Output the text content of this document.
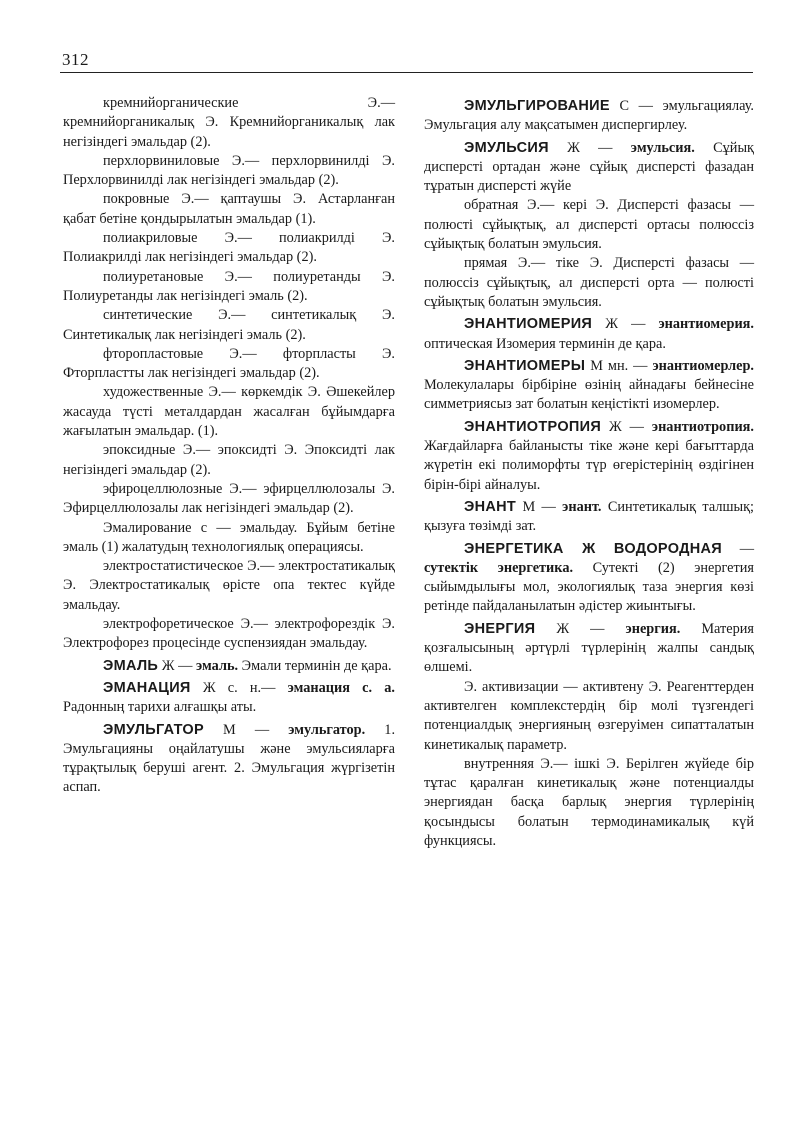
312

кремнийорганические Э.— кремнийорганикалық Э. Кремнийорганикалық лак негізіндегі эмальдар (2).

перхлорвиниловые Э.— перхлорвинилді Э. Перхлорвинилді лак негізіндегі эмальдар (2).

покровные Э.— қаптаушы Э. Астарланған қабат бетіне қондырылатын эмальдар (1).

полиакриловые Э.— полиакрилді Э. Полиакрилді лак негізіндегі эмальдар (2).

полиуретановые Э.— полиуретанды Э. Полиуретанды лак негізіндегі эмаль (2).

синтетические Э.— синтетикалық Э. Синтетикалық лак негізіндегі эмаль (2).

фторопластовые Э.— фторпласты Э. Фторпластты лак негізіндегі эмальдар (2).

художественные Э.— көркемдік Э. Әшекейлер жасауда түсті металдардан жасалған бұйымдарға жағылатын эмальдар. (1).

эпоксидные Э.— эпоксидті Э. Эпоксидті лак негізіндегі эмальдар (2).

эфироцеллюлозные Э.— эфирцеллюлозалы Э. Эфирцеллюлозалы лак негізіндегі эмальдар (2).

Эмалирование с — эмальдау. Бұйым бетіне эмаль (1) жалатудың технологиялық операциясы.

электростатистическое Э.— электростатикалық Э. Электростатикалық өрісте опа тектес күйде эмальдау.

электрофоретическое Э.— электрофорездік Э. Электрофорез процесінде суспензиядан эмальдау.

ЭМАЛЬ Ж — эмаль. Эмали терминін де қара.

ЭМАНАЦИЯ Ж с. н.— эманация с. а. Радонның тарихи алғашқы аты.

ЭМУЛЬГАТОР М — эмульгатор. 1. Эмульгацияны оңайлатушы және эмульсияларға тұрақтылық беруші агент. 2. Эмульгация жүргізетін аспап.

ЭМУЛЬГИРОВАНИЕ С — эмульгациялау. Эмульгация алу мақсатымен диспергирлеу.

ЭМУЛЬСИЯ Ж — эмульсия. Сұйық дисперсті ортадан және сұйық дисперсті фазадан тұратын дисперсті жүйе

обратная Э.— кері Э. Дисперсті фазасы — полюсті сұйықтық, ал дисперсті ортасы полюссіз сұйықтық болатын эмульсия.

прямая Э.— тіке Э. Дисперсті фазасы — полюссіз сұйықтық, ал дисперсті орта — полюсті сұйықтық болатын эмульсия.

ЭНАНТИОМЕРИЯ Ж — энантиомерия. оптическая Изомерия терминін де қара.

ЭНАНТИОМЕРЫ М мн. — энантиомерлер. Молекулалары бірбіріне өзінің айнадағы бейнесіне симметриясыз зат болатын кеңістікті изомерлер.

ЭНАНТИОТРОПИЯ Ж — энантиотропия. Жағдайларға байланысты тіке және кері бағыттарда жүретін екі полиморфты түр өгерістерінің өздігінен бірін-бірі айналуы.

ЭНАНТ М — энант. Синтетикалық талшық; қызуға төзімді зат.

ЭНЕРГЕТИКА Ж ВОДОРОДНАЯ — сутектік энергетика. Сутекті (2) энергетия сыйымдылығы мол, экологиялық таза энергия көзі ретінде пайдаланылатын әдістер жиынтығы.

ЭНЕРГИЯ Ж — энергия. Материя қозғалысының әртүрлі түрлерінің жалпы сандық өлшемі.

Э. активизации — активтену Э. Реагенттерден активтелген комплекстердің бір молі түзгендегі потенциалдық энергияның өзгеруімен сипатталатын кинетикалық параметр.

внутренняя Э.— ішкі Э. Берілген жүйеде бір тұтас қаралған кинетикалық және потенциалды энергиядан басқа барлық энергия түрлерінің қосындысы болатын термодинамикалық күй функциясы.
